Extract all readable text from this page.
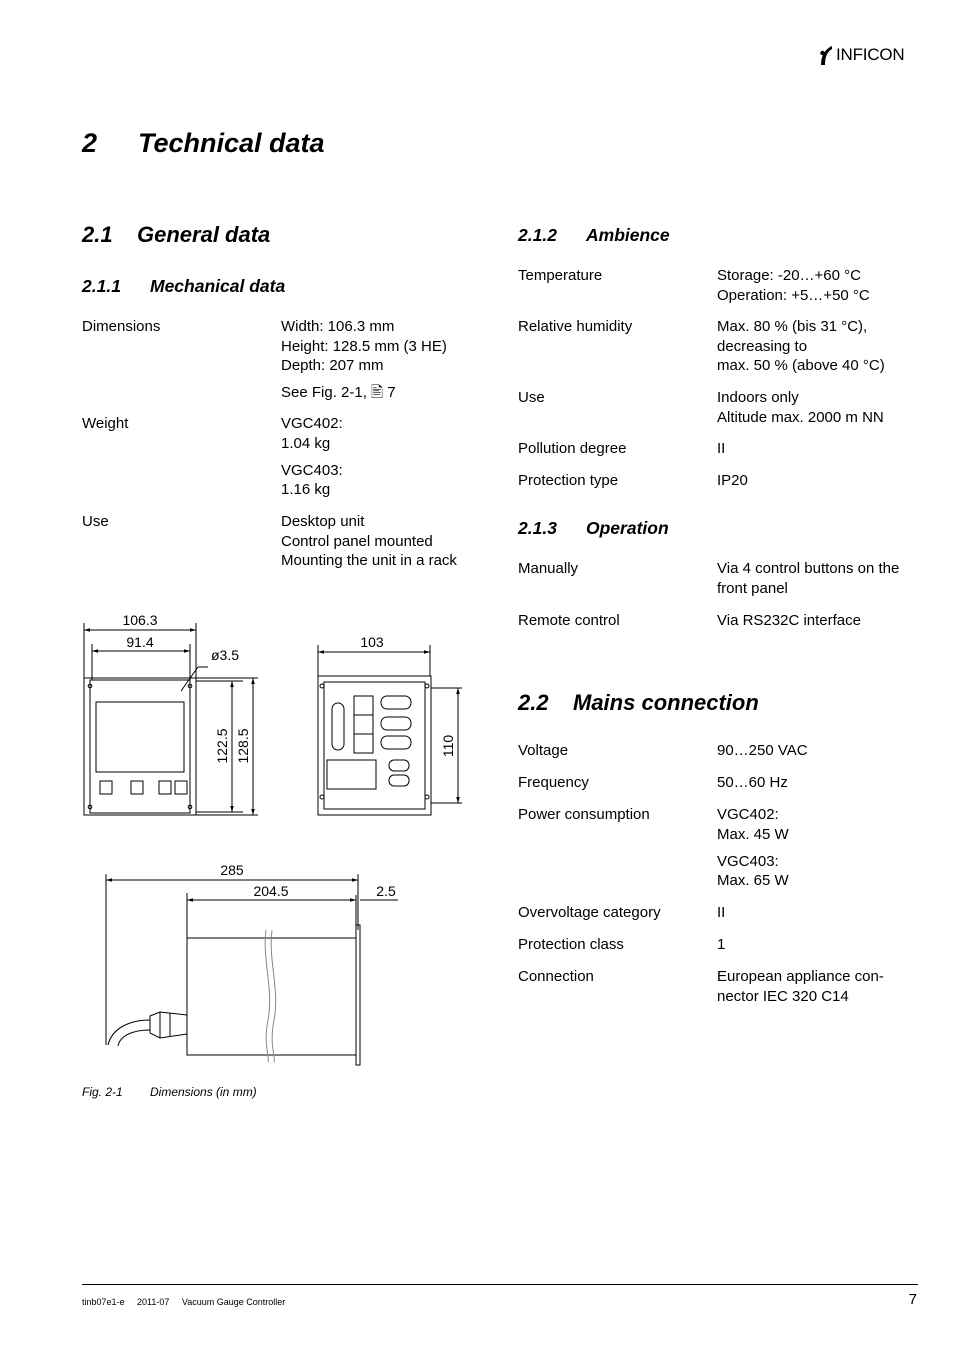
INFICON
2 Technical data
2.1 General data
2.1.1 Mechanical data
Dimensions	Width: 106.3 mm
Height: 128.5 mm (3 HE)
Depth: 207 mm
See Fig. 2-1, 🖹 7
Weight	VGC402:
1.04 kg
VGC403:
1.16 kg
Use	Desktop unit
Control panel mounted
Mounting the unit in a rack
2.1.2 Ambience
Temperature	Storage: -20…+60 °C
Operation: +5…+50 °C
Relative humidity	Max. 80 % (bis 31 °C),
decreasing to
max. 50 % (above 40 °C)
Use	Indoors only
Altitude max. 2000 m NN
Pollution degree	II
Protection type	IP20
2.1.3 Operation
Manually	Via 4 control buttons on the
front panel
Remote control	Via RS232C interface
2.2 Mains connection
Voltage	90…250 VAC
Frequency	50…60 Hz
Power consumption	VGC402:
Max. 45 W
VGC403:
Max. 65 W
Overvoltage category	II
Protection class	1
Connection	European appliance con-
nector IEC 320 C14
106.3
91.4
ø3.5
122.5 128.5
103
110
285
204.5	2.5
Fig. 2-1 Dimensions (in mm)
tinb07e1-e     2011-07     Vacuum Gauge Controller	7
